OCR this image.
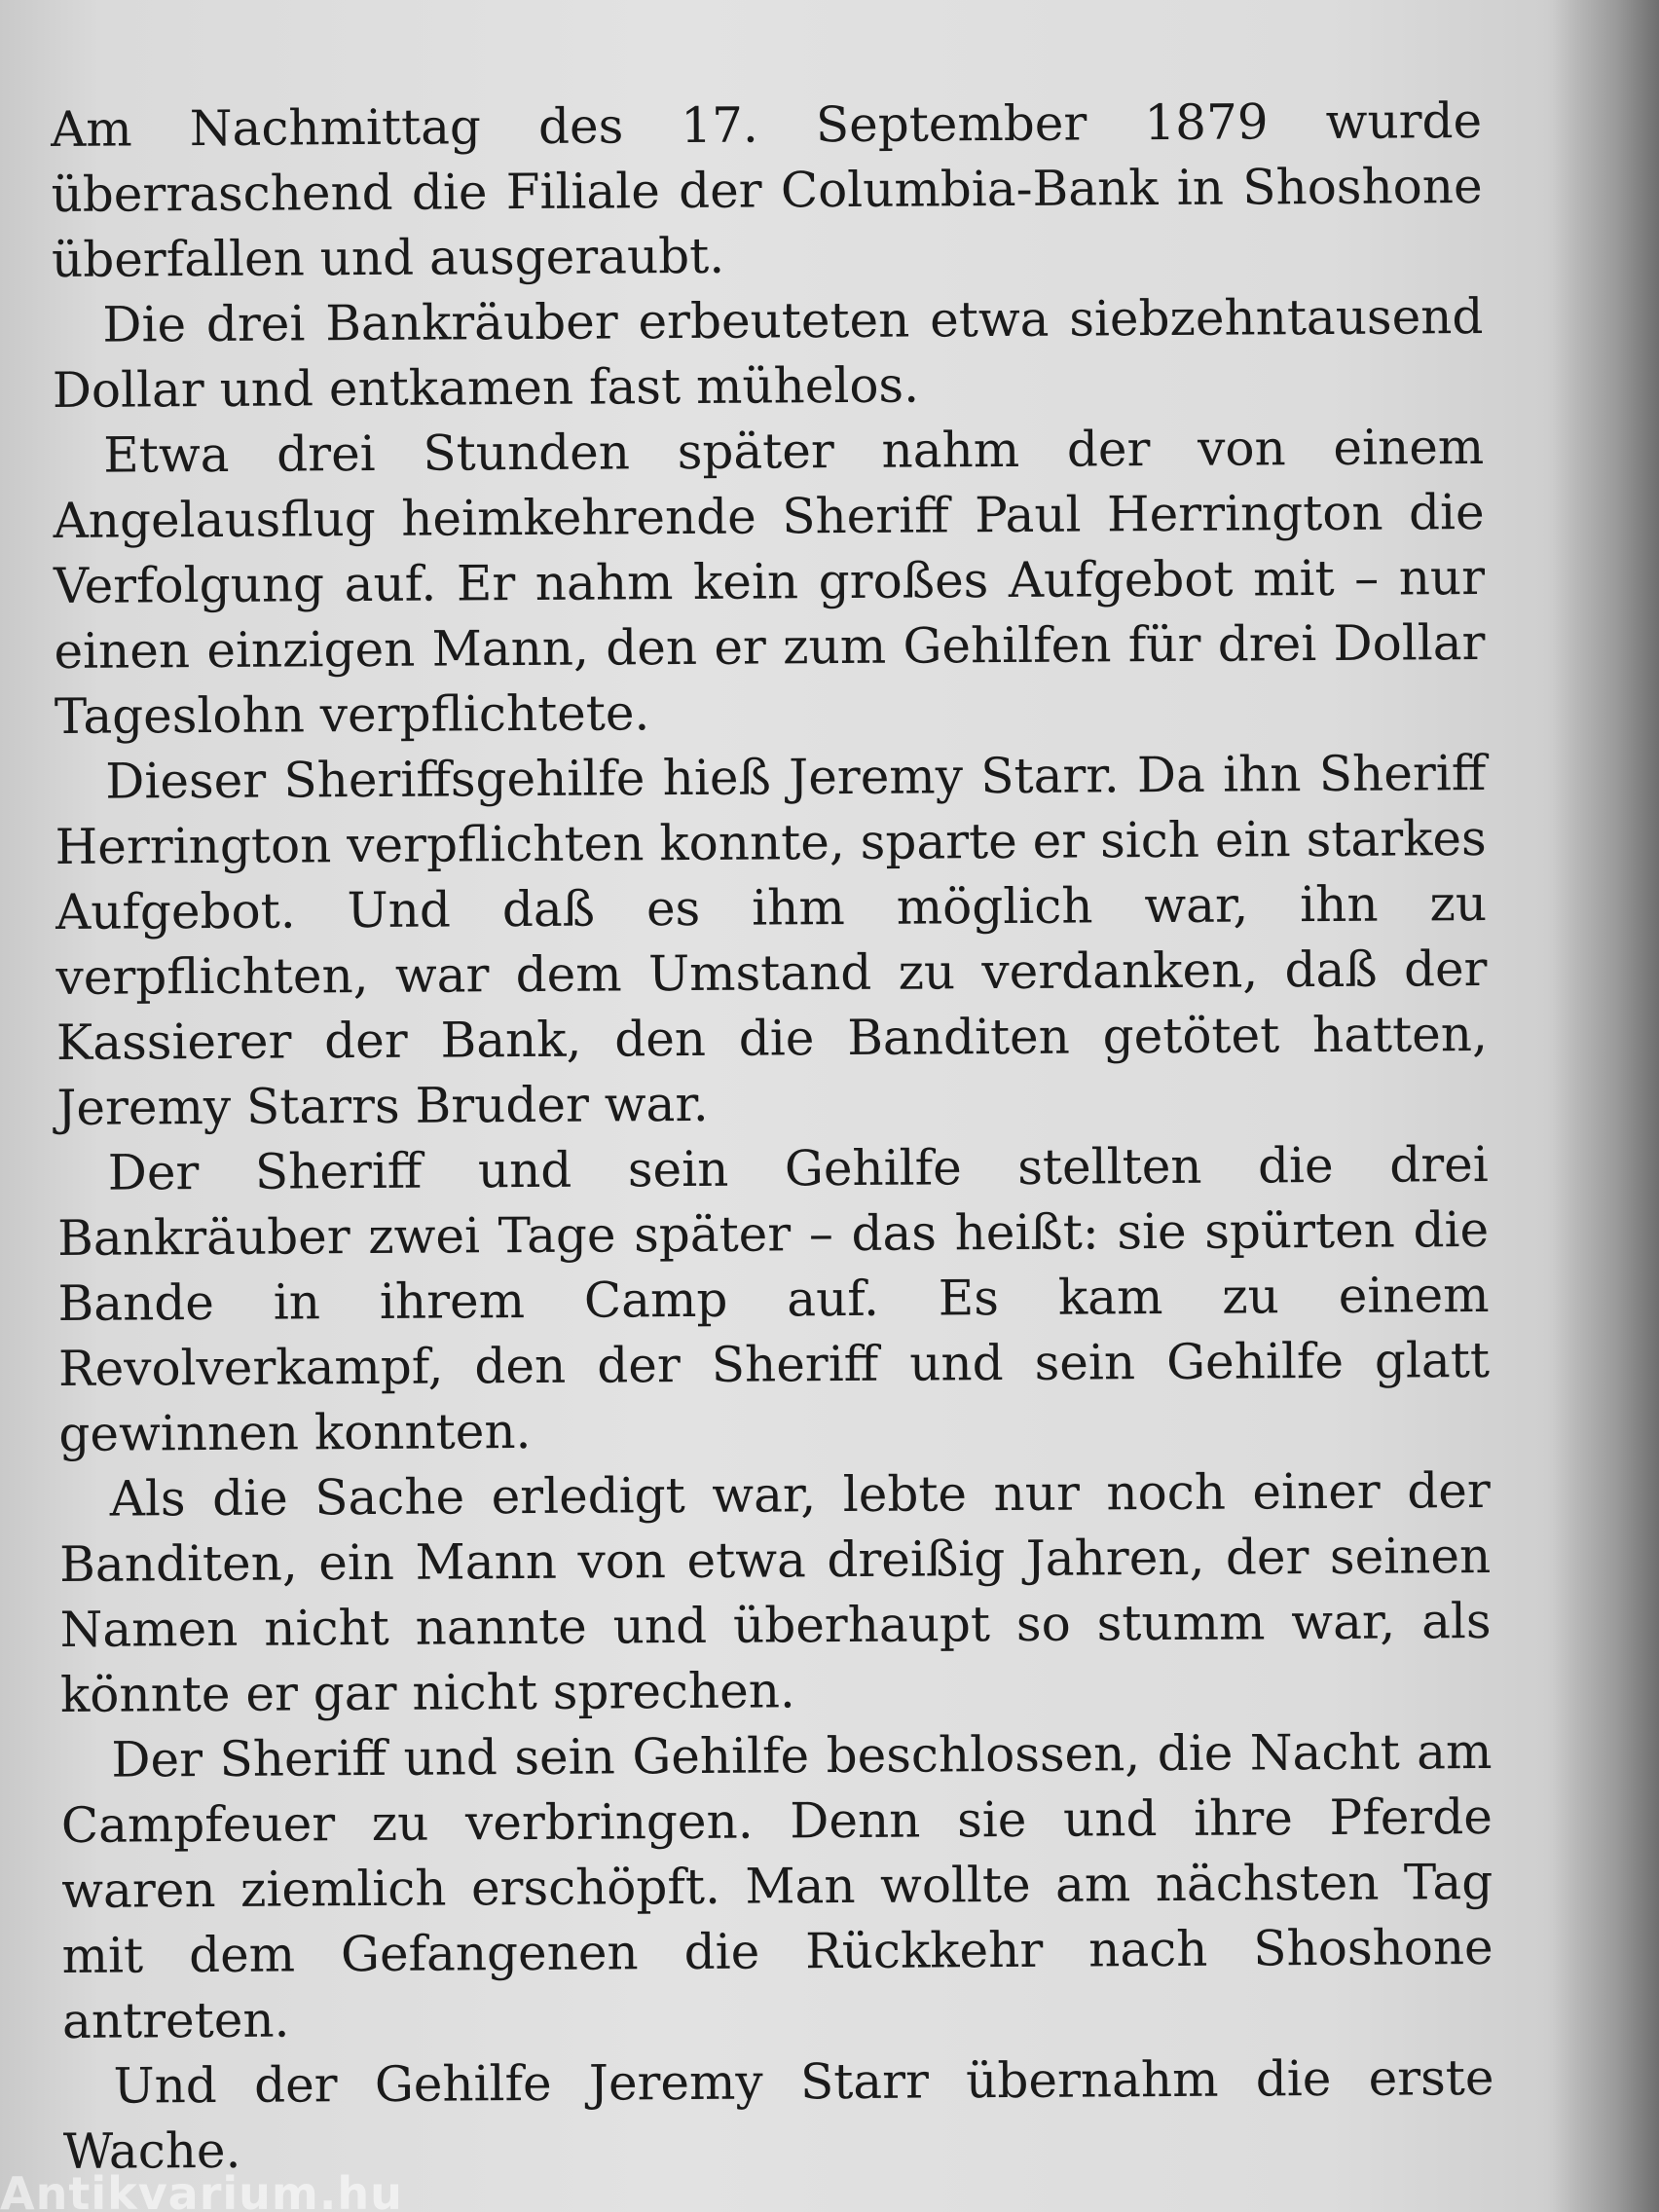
Am Nachmittag des 17. September 1879 wurde überraschend die Filiale der Columbia-Bank in Shoshone überfallen und ausgeraubt.

Die drei Bankräuber erbeuteten etwa siebzehntausend Dollar und entkamen fast mühelos.

Etwa drei Stunden später nahm der von einem Angelausflug heimkehrende Sheriff Paul Herrington die Verfolgung auf. Er nahm kein großes Aufgebot mit – nur einen einzigen Mann, den er zum Gehilfen für drei Dollar Tageslohn verpflichtete.

Dieser Sheriffsgehilfe hieß Jeremy Starr. Da ihn Sheriff Herrington verpflichten konnte, sparte er sich ein starkes Aufgebot. Und daß es ihm möglich war, ihn zu verpflichten, war dem Umstand zu verdanken, daß der Kassierer der Bank, den die Banditen getötet hatten, Jeremy Starrs Bruder war.

Der Sheriff und sein Gehilfe stellten die drei Bankräuber zwei Tage später – das heißt: sie spürten die Bande in ihrem Camp auf. Es kam zu einem Revolverkampf, den der Sheriff und sein Gehilfe glatt gewinnen konnten.

Als die Sache erledigt war, lebte nur noch einer der Banditen, ein Mann von etwa dreißig Jahren, der seinen Namen nicht nannte und überhaupt so stumm war, als könnte er gar nicht sprechen.

Der Sheriff und sein Gehilfe beschlossen, die Nacht am Campfeuer zu verbringen. Denn sie und ihre Pferde waren ziemlich erschöpft. Man wollte am nächsten Tag mit dem Gefangenen die Rückkehr nach Shoshone antreten.

Und der Gehilfe Jeremy Starr übernahm die erste Wache.

Antikvarium.hu
